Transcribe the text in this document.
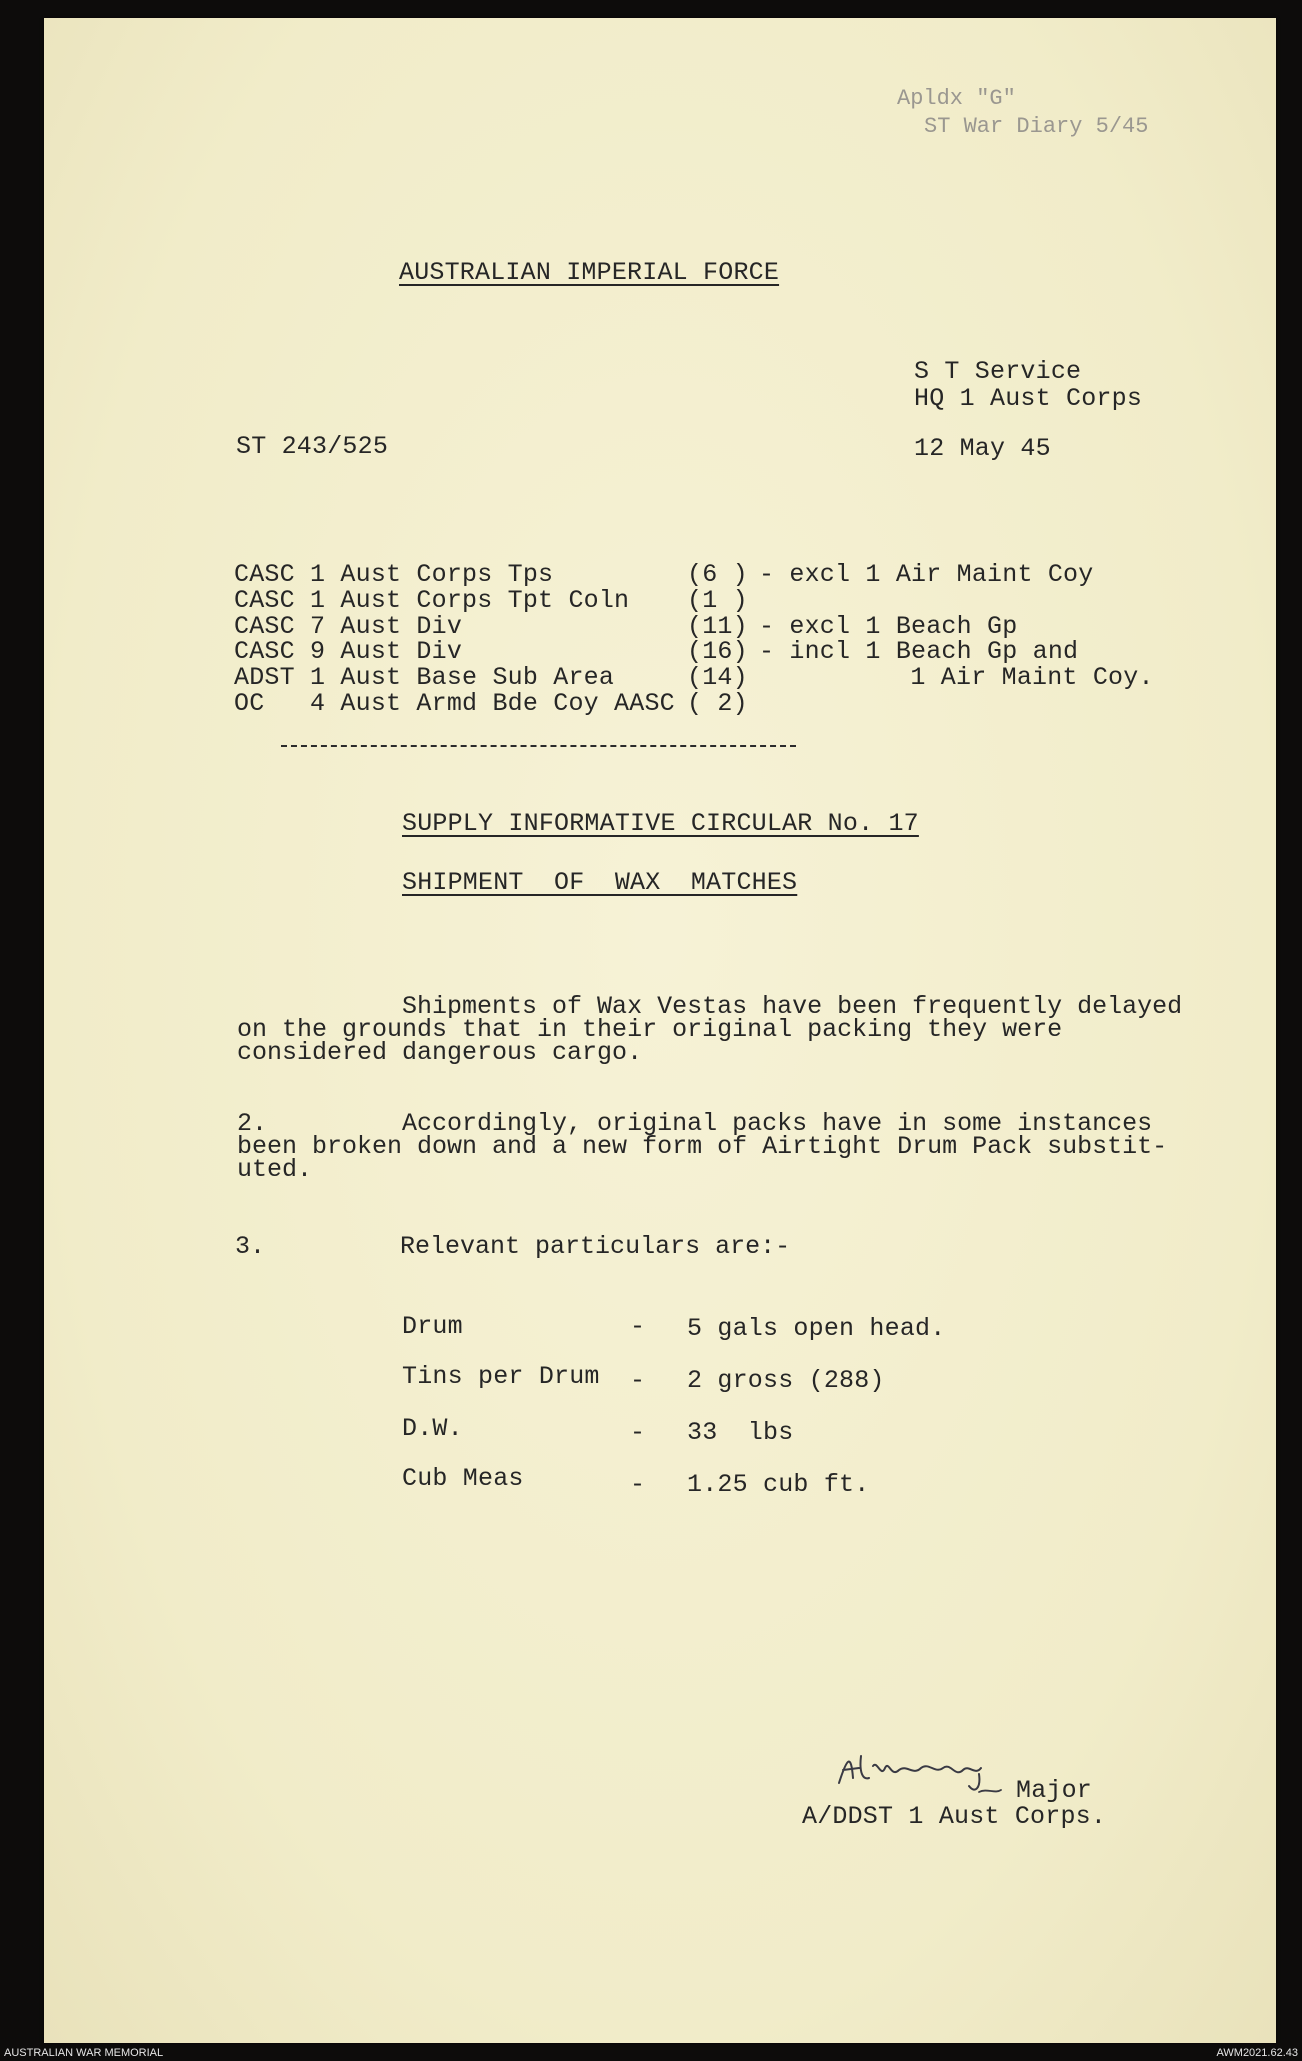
Apldx "G"
ST War Diary 5/45
AUSTRALIAN IMPERIAL FORCE
S T Service
HQ 1 Aust Corps
ST 243/525	12 May 45
CASC 1 Aust Corps Tps	(6 ) - excl 1 Air Maint Coy
CASC 1 Aust Corps Tpt Coln (1 )
CASC 7 Aust Div	(11) - excl 1 Beach Gp
CASC 9 Aust Div	(16) - incl 1 Beach Gp and
ADST 1 Aust Base Sub Area	(14)	1 Air Maint Coy.
OC   4 Aust Armd Bde Coy AASC ( 2)
SUPPLY INFORMATIVE CIRCULAR No. 17
SHIPMENT  OF  WAX  MATCHES
Shipments of Wax Vestas have been frequently delayed
on the grounds that in their original packing they were
considered dangerous cargo.
2.         Accordingly, original packs have in some instances
been broken down and a new form of Airtight Drum Pack substit-
uted.
3.         Relevant particulars are:-
Drum	- 5 gals open head.
Tins per Drum - 2 gross (288)
D.W.	- 33  lbs
Cub Meas	- 1.25 cub ft.
Major
A/DDST 1 Aust Corps.
AUSTRALIAN WAR MEMORIAL	AWM2021.62.43
